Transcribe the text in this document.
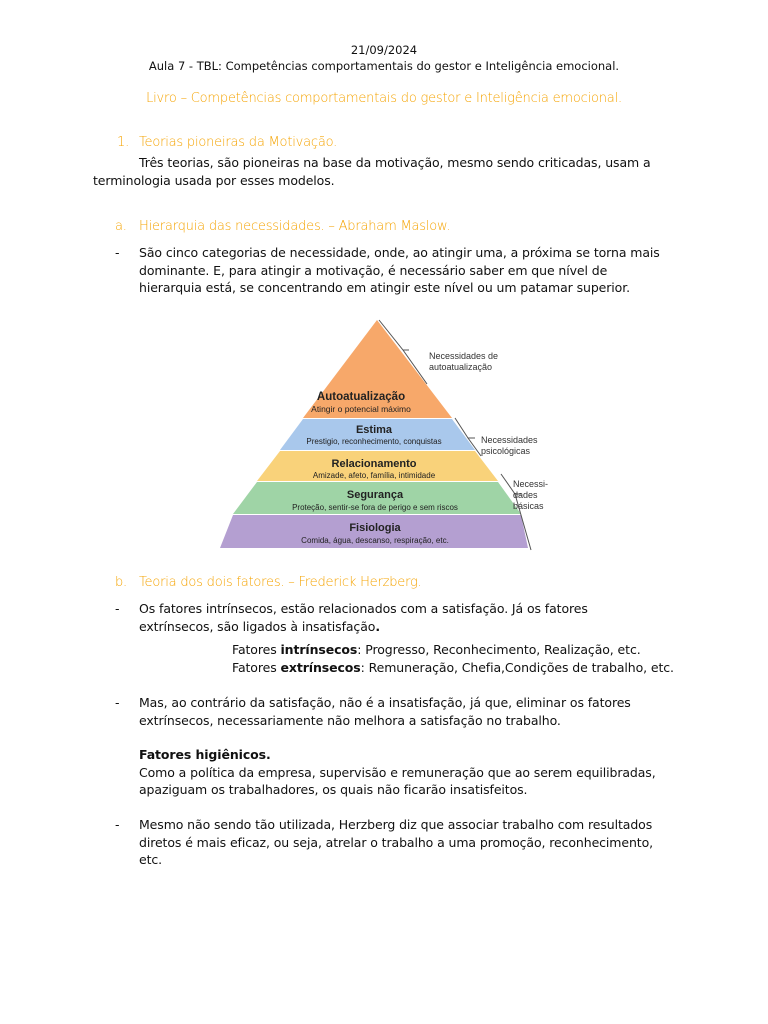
21/09/2024
Aula 7 - TBL: Competências comportamentais do gestor e Inteligência emocional.
Livro – Competências comportamentais do gestor e Inteligência emocional.
1. Teorias pioneiras da Motivação.
Três teorias, são pioneiras na base da motivação, mesmo sendo criticadas, usam a
terminologia usada por esses modelos.
a. Hierarquia das necessidades. – Abraham Maslow.
- São cinco categorias de necessidade, onde, ao atingir uma, a próxima se torna mais
dominante. E, para atingir a motivação, é necessário saber em que nível de
hierarquia está, se concentrando em atingir este nível ou um patamar superior.
Autoatualização
Atingir o potencial máximo
Estima
Prestigio, reconhecimento, conquistas
Relacionamento
Amizade, afeto, família, intimidade
Segurança
Proteção, sentir-se fora de perigo e sem riscos
Fisiologia
Comida, água, descanso, respiração, etc.
Necessidades de
autoatualização
Necessidades
psicológicas
Necessi-
dades
básicas
b. Teoria dos dois fatores. – Frederick Herzberg.
- Os fatores intrínsecos, estão relacionados com a satisfação. Já os fatores
extrínsecos, são ligados à insatisfação.
Fatores intrínsecos: Progresso, Reconhecimento, Realização, etc.
Fatores extrínsecos: Remuneração, Chefia,Condições de trabalho, etc.
- Mas, ao contrário da satisfação, não é a insatisfação, já que, eliminar os fatores
extrínsecos, necessariamente não melhora a satisfação no trabalho.
Fatores higiênicos.
Como a política da empresa, supervisão e remuneração que ao serem equilibradas,
apaziguam os trabalhadores, os quais não ficarão insatisfeitos.
- Mesmo não sendo tão utilizada, Herzberg diz que associar trabalho com resultados
diretos é mais eficaz, ou seja, atrelar o trabalho a uma promoção, reconhecimento,
etc.
